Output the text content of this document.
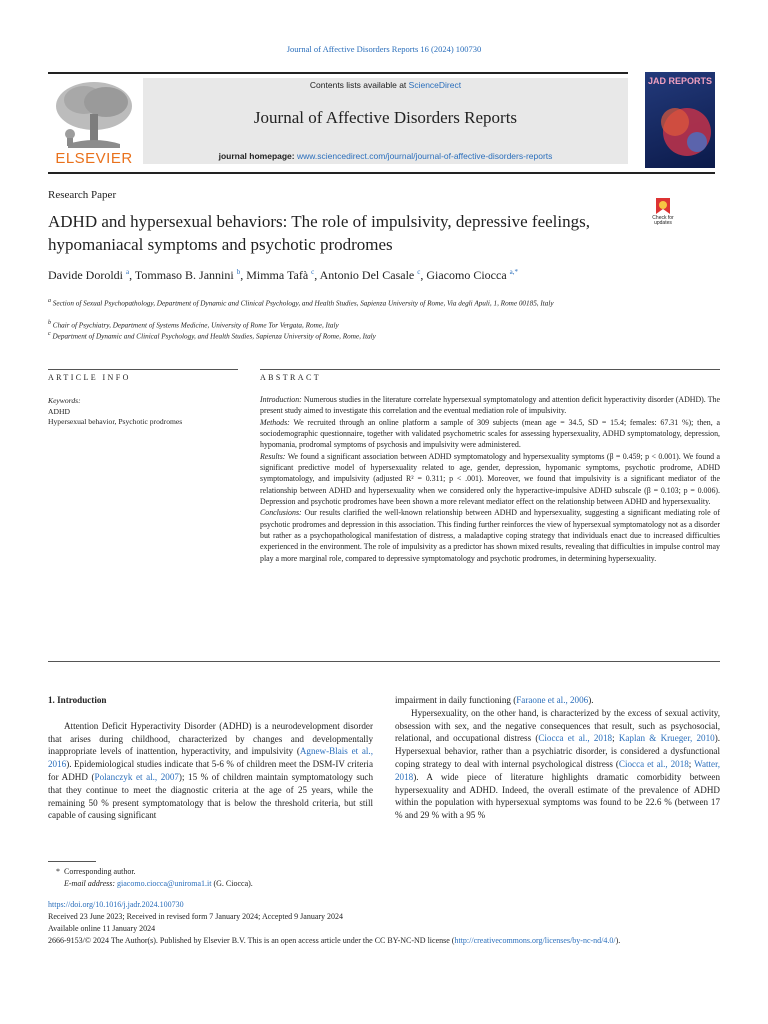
Journal of Affective Disorders Reports 16 (2024) 100730
ELSEVIER
Contents lists available at ScienceDirect
Journal of Affective Disorders Reports
journal homepage: www.sciencedirect.com/journal/journal-of-affective-disorders-reports
JAD REPORTS
Research Paper
ADHD and hypersexual behaviors: The role of impulsivity, depressive feelings, hypomaniacal symptoms and psychotic prodromes
Check for updates
Davide Doroldi $^a$, Tommaso B. Jannini $^b$, Mimma Tafà $^c$, Antonio Del Casale $^c$, Giacomo Ciocca $^{a,*}$
$^a$ Section of Sexual Psychopathology, Department of Dynamic and Clinical Psychology, and Health Studies, Sapienza University of Rome, Via degli Apuli, 1, Rome 00185, Italy
$^b$ Chair of Psychiatry, Department of Systems Medicine, University of Rome Tor Vergata, Rome, Italy
$^c$ Department of Dynamic and Clinical Psychology, and Health Studies, Sapienza University of Rome, Rome, Italy
ARTICLE INFO	ABSTRACT
Keywords:
ADHD
Hypersexual behavior, Psychotic prodromes

Introduction: Numerous studies in the literature correlate hypersexual symptomatology and attention deficit hyperactivity disorder (ADHD). The present study aimed to investigate this correlation and the eventual mediation role of impulsivity.

Methods: We recruited through an online platform a sample of 309 subjects (mean age = 34.5, SD = 15.4; females: 67.31 %); then, a sociodemographic questionnaire, together with validated psychometric scales for assessing hypersexuality, ADHD symptomatology, depression, hypomania, prodromal symptoms of psychosis and impulsivity were administered.

Results: We found a significant association between ADHD symptomatology and hypersexuality symptoms (β = 0.459; p < 0.001). We found a significant predictive model of hypersexuality related to age, gender, depression, hypomanic symptoms, psychotic prodrome, ADHD symptomatology, and impulsivity (adjusted R² = 0.311; p < .001). Moreover, we found that impulsivity is a significant mediator of the relationship between ADHD and hypersexuality when we considered only the hyperactive-impulsive ADHD subscale (β = 0.103; p = 0.006). Depression and psychotic prodromes have been shown a more relevant mediator effect on the relationship between ADHD and hypersexuality.

Conclusions: Our results clarified the well-known relationship between ADHD and hypersexuality, suggesting a significant mediating role of psychotic prodromes and depression in this association. This finding further reinforces the view of hypersexual symptomatology not as a disorder but rather as a psychopathological manifestation of distress, a maladaptive coping strategy that individuals enact due to increased difficulties experienced in the environment. The role of impulsivity as a predictor has shown mixed results, revealing that difficulties in impulse control may play a more marginal role, compared to depressive symptomatology and psychotic prodromes, in determining hypersexuality.

1. Introduction

Attention Deficit Hyperactivity Disorder (ADHD) is a neurodevelopment disorder that arises during childhood, characterized by changes and developmentally inappropriate levels of inattention, hyperactivity, and impulsivity (Agnew-Blais et al., 2016). Epidemiological studies indicate that 5-6 % of children meet the DSM-IV criteria for ADHD (Polanczyk et al., 2007); 15 % of children maintain symptomatology such that they continue to meet the diagnostic criteria at the age of 25 years, while the remaining 50 % present symptomatology that is below the threshold criteria, but still capable of causing significant

impairment in daily functioning (Faraone et al., 2006).

Hypersexuality, on the other hand, is characterized by the excess of sexual activity, obsession with sex, and the negative consequences that result, such as psychosocial, relational, and occupational distress (Ciocca et al., 2018; Kaplan & Krueger, 2010). Hypersexual behavior, rather than a psychiatric disorder, is considered a dysfunctional coping strategy to deal with internal psychological distress (Ciocca et al., 2018; Watter, 2018). A wide piece of literature highlights dramatic comorbidity between hypersexuality and ADHD. Indeed, the overall estimate of the prevalence of ADHD within the population with hypersexual symptoms was found to be 22.6 % (between 17 % and 29 % with a 95 %

* Corresponding author.
E-mail address: giacomo.ciocca@uniroma1.it (G. Ciocca).
https://doi.org/10.1016/j.jadr.2024.100730
Received 23 June 2023; Received in revised form 7 January 2024; Accepted 9 January 2024
Available online 11 January 2024
2666-9153/© 2024 The Author(s). Published by Elsevier B.V. This is an open access article under the CC BY-NC-ND license (http://creativecommons.org/licenses/by-nc-nd/4.0/).
